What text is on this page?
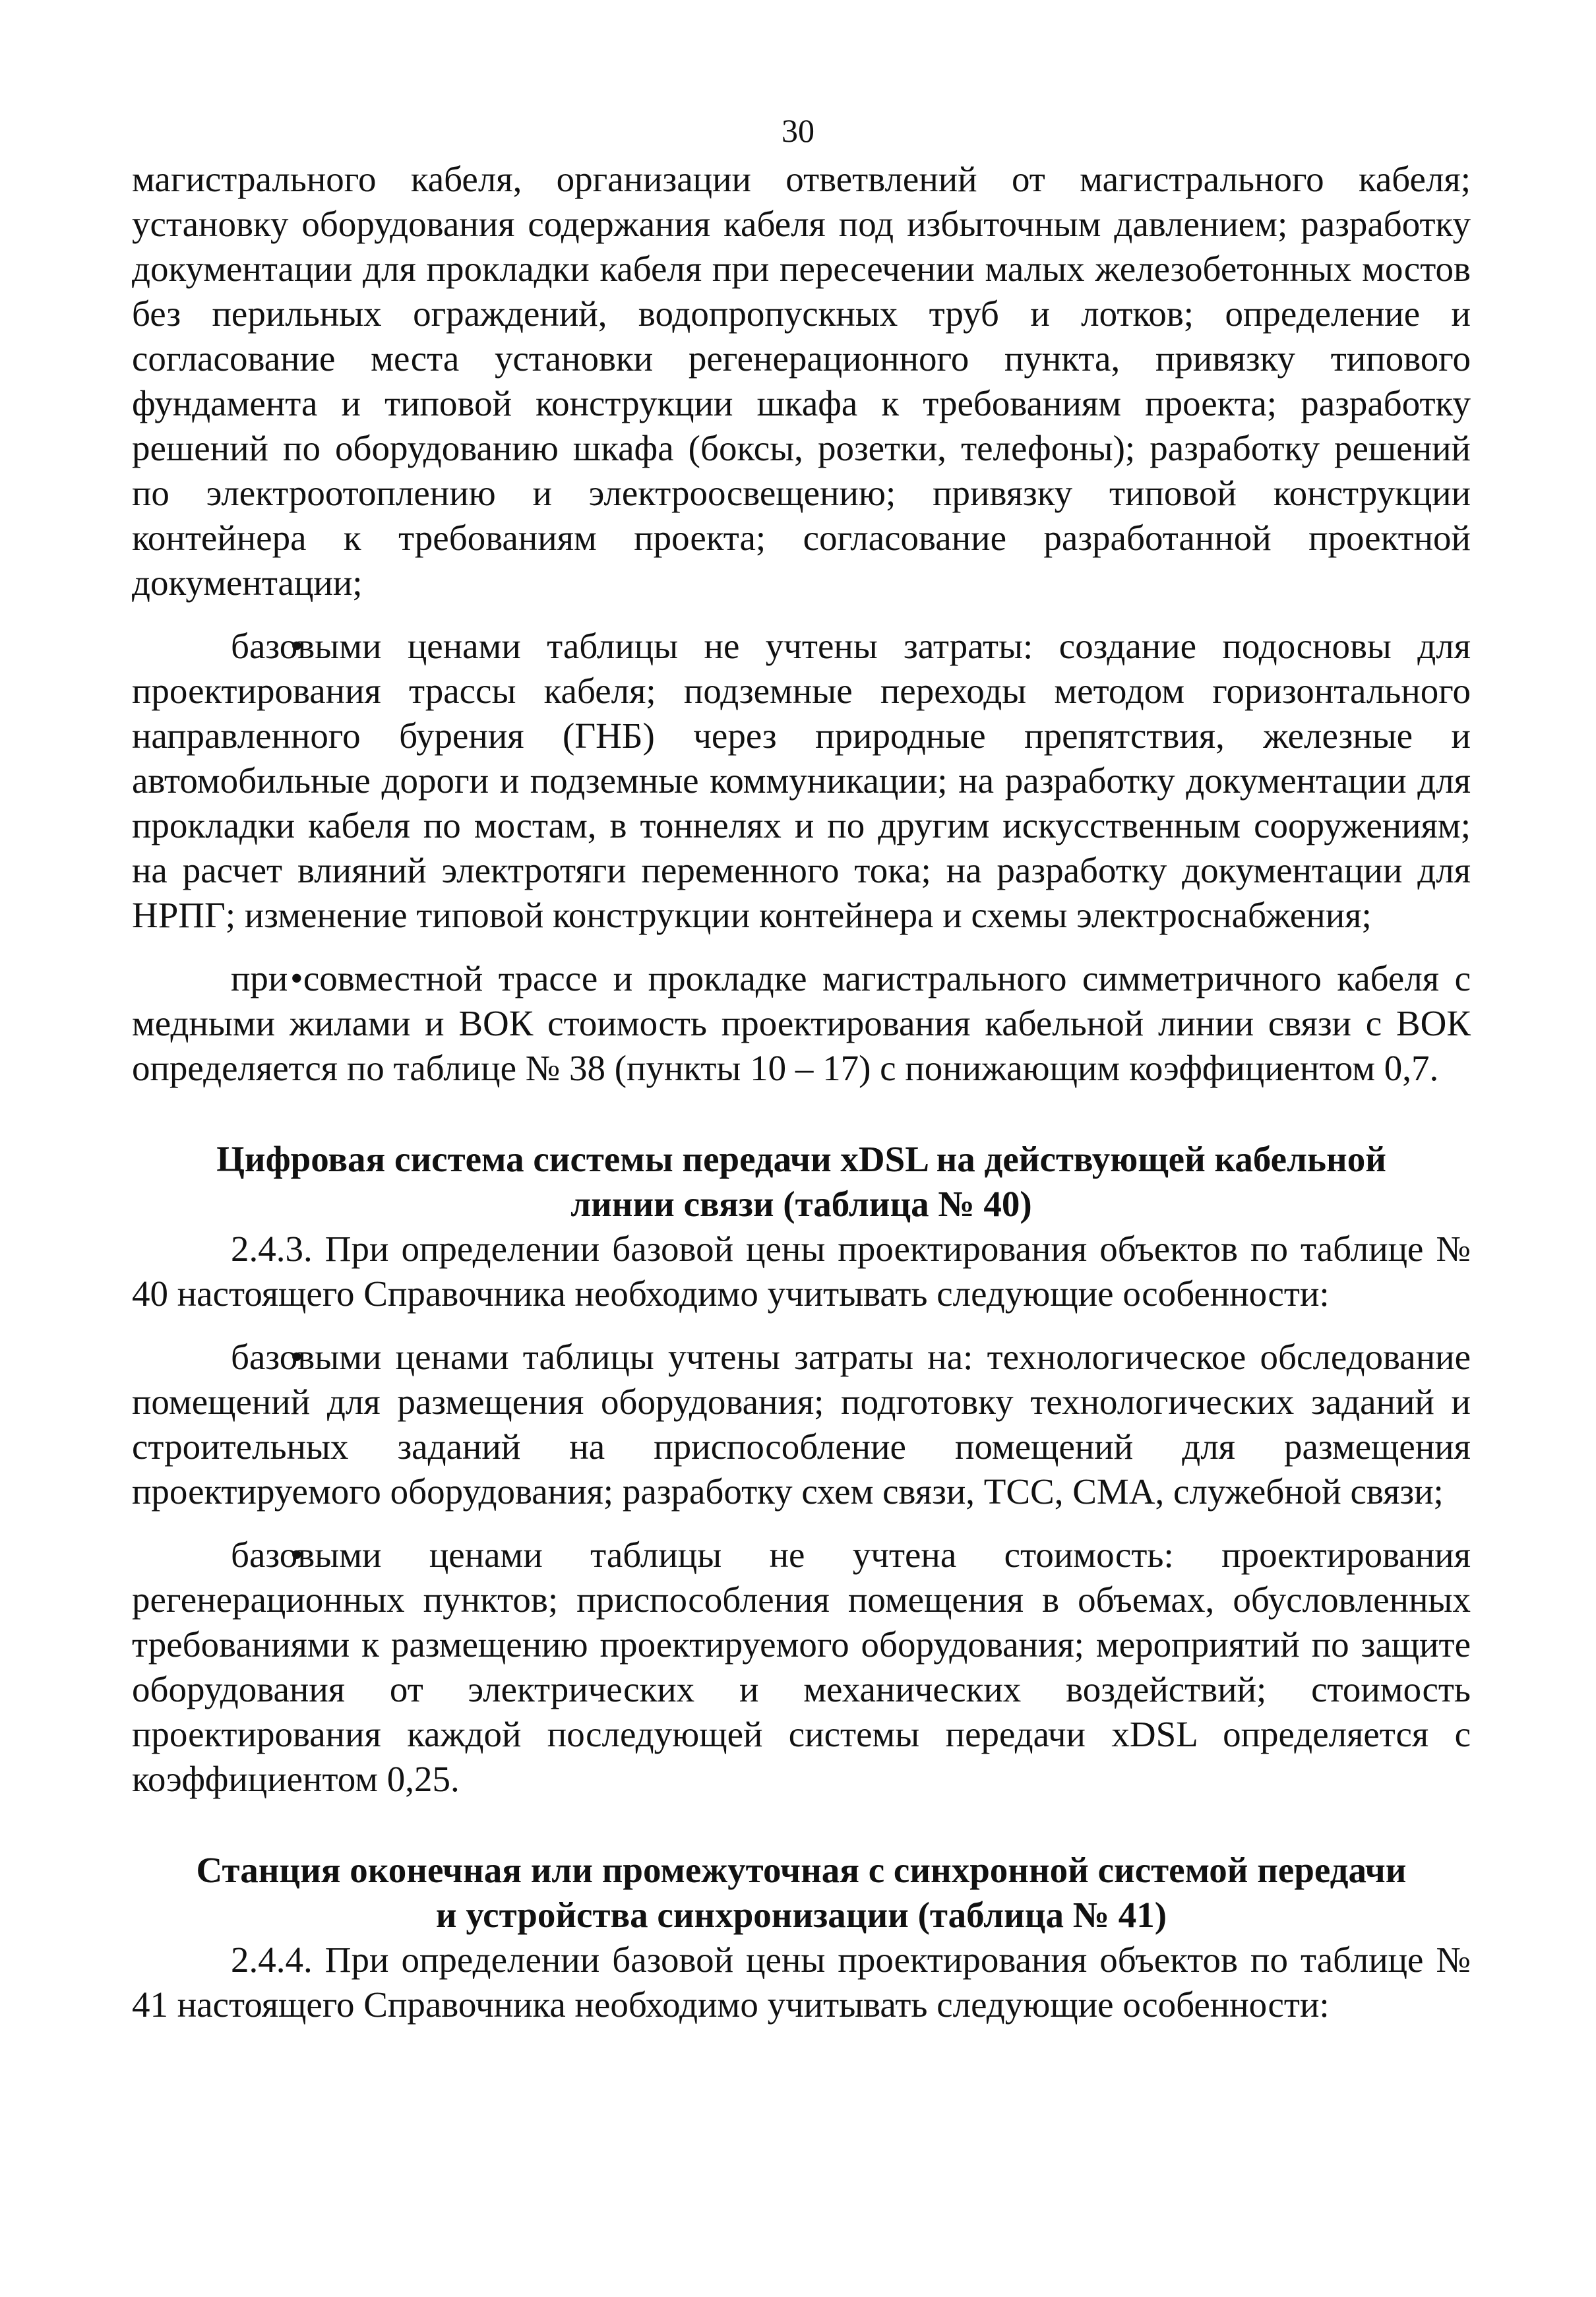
30

магистрального кабеля, организации ответвлений от магистрального кабеля; установку оборудования содержания кабеля под избыточным давлением; разработку документации для прокладки кабеля при пересечении малых железобетонных мостов без перильных ограждений, водопропускных труб и лотков; определение и согласование места установки регенерационного пункта, привязку типового фундамента и типовой конструкции шкафа к требованиям проекта; разработку решений по оборудованию шкафа (боксы, розетки, телефоны); разработку решений по электроотоплению и электроосвещению; привязку типовой конструкции контейнера к требованиям проекта; согласование разработанной проектной документации;

базовыми ценами таблицы не учтены затраты: создание подосновы для проектирования трассы кабеля; подземные переходы методом горизонтального направленного бурения (ГНБ) через природные препятствия, железные и автомобильные дороги и подземные коммуникации; на разработку документации для прокладки кабеля по мостам, в тоннелях и по другим искусственным сооружениям; на расчет влияний электротяги переменного тока; на разработку документации для НРПГ; изменение типовой конструкции контейнера и схемы электроснабжения;

при совместной трассе и прокладке магистрального симметричного кабеля с медными жилами и ВОК стоимость проектирования кабельной линии связи с ВОК определяется по таблице № 38 (пункты 10 – 17) с понижающим коэффициентом 0,7.

Цифровая система системы передачи xDSL на действующей кабельной
линии связи (таблица № 40)

2.4.3. При определении базовой цены проектирования объектов по таблице № 40 настоящего Справочника необходимо учитывать следующие особенности:

базовыми ценами таблицы учтены затраты на: технологическое обследование помещений для размещения оборудования; подготовку технологических заданий и строительных заданий на приспособление помещений для размещения проектируемого оборудования; разработку схем связи, ТСС, СМА, служебной связи;

базовыми ценами таблицы не учтена стоимость: проектирования регенерационных пунктов; приспособления помещения в объемах, обусловленных требованиями к размещению проектируемого оборудования; мероприятий по защите оборудования от электрических и механических воздействий; стоимость проектирования каждой последующей системы передачи xDSL определяется с коэффициентом 0,25.

Станция оконечная или промежуточная с синхронной системой передачи
и устройства синхронизации (таблица № 41)

2.4.4. При определении базовой цены проектирования объектов по таблице № 41 настоящего Справочника необходимо учитывать следующие особенности:
